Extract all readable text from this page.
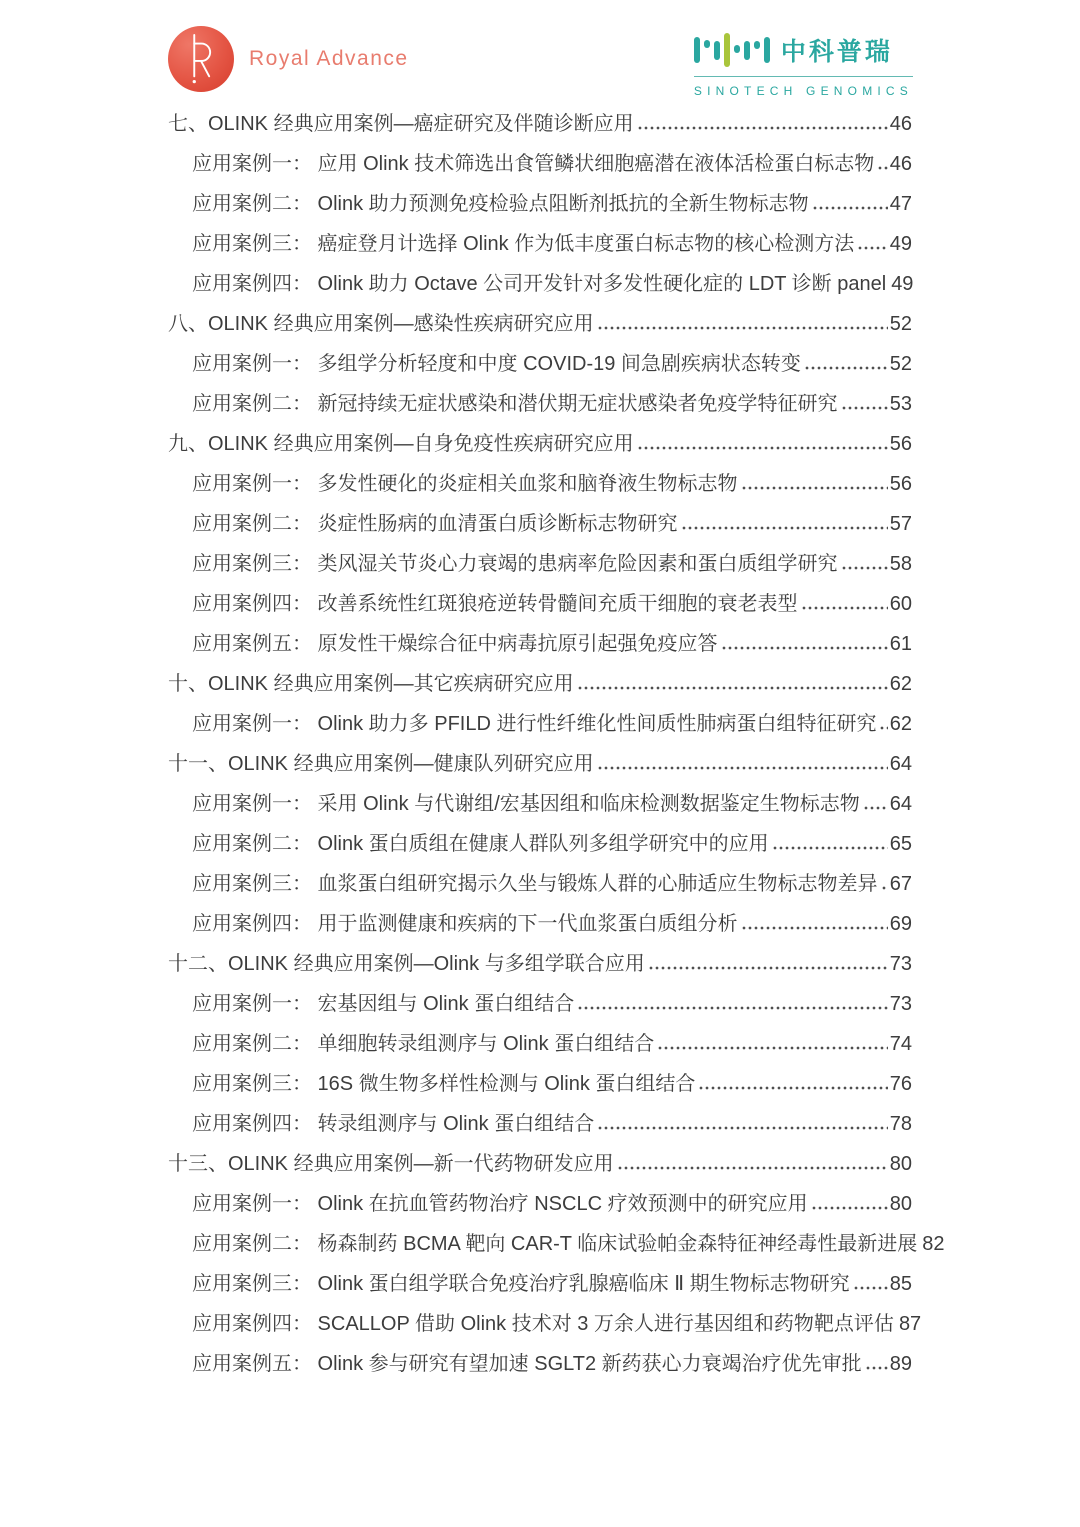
Royal Advance	中科普瑞
SINOTECH GENOMICS
七、OLINK 经典应用案例—癌症研究及伴随诊断应用	46
应用案例一： 应用 Olink 技术筛选出食管鳞状细胞癌潜在液体活检蛋白标志物 46
应用案例二： Olink 助力预测免疫检验点阻断剂抵抗的全新生物标志物	47
应用案例三： 癌症登月计选择 Olink 作为低丰度蛋白标志物的核心检测方法 49
应用案例四： Olink 助力 Octave 公司开发针对多发性硬化症的 LDT 诊断 panel 49
八、OLINK 经典应用案例—感染性疾病研究应用	52
应用案例一： 多组学分析轻度和中度 COVID-19 间急剧疾病状态转变	52
应用案例二： 新冠持续无症状感染和潜伏期无症状感染者免疫学特征研究	53
九、OLINK 经典应用案例—自身免疫性疾病研究应用	56
应用案例一： 多发性硬化的炎症相关血浆和脑脊液生物标志物	56
应用案例二： 炎症性肠病的血清蛋白质诊断标志物研究	57
应用案例三： 类风湿关节炎心力衰竭的患病率危险因素和蛋白质组学研究	58
应用案例四： 改善系统性红斑狼疮逆转骨髓间充质干细胞的衰老表型	60
应用案例五： 原发性干燥综合征中病毒抗原引起强免疫应答	61
十、OLINK 经典应用案例—其它疾病研究应用	62
应用案例一： Olink 助力多 PFILD 进行性纤维化性间质性肺病蛋白组特征研究 62
十一、OLINK 经典应用案例—健康队列研究应用	64
应用案例一： 采用 Olink 与代谢组/宏基因组和临床检测数据鉴定生物标志物 64
应用案例二： Olink 蛋白质组在健康人群队列多组学研究中的应用	65
应用案例三： 血浆蛋白组研究揭示久坐与锻炼人群的心肺适应生物标志物差异 67
应用案例四： 用于监测健康和疾病的下一代血浆蛋白质组分析	69
十二、OLINK 经典应用案例—Olink 与多组学联合应用	73
应用案例一： 宏基因组与 Olink 蛋白组结合	73
应用案例二： 单细胞转录组测序与 Olink 蛋白组结合	74
应用案例三： 16S 微生物多样性检测与 Olink 蛋白组结合	76
应用案例四： 转录组测序与 Olink 蛋白组结合	78
十三、OLINK 经典应用案例—新一代药物研发应用	80
应用案例一： Olink 在抗血管药物治疗 NSCLC 疗效预测中的研究应用	80
应用案例二： 杨森制药 BCMA 靶向 CAR-T 临床试验帕金森特征神经毒性最新进展 82
应用案例三： Olink 蛋白组学联合免疫治疗乳腺癌临床 Ⅱ 期生物标志物研究 85
应用案例四： SCALLOP 借助 Olink 技术对 3 万余人进行基因组和药物靶点评估 87
应用案例五： Olink 参与研究有望加速 SGLT2 新药获心力衰竭治疗优先审批 89
